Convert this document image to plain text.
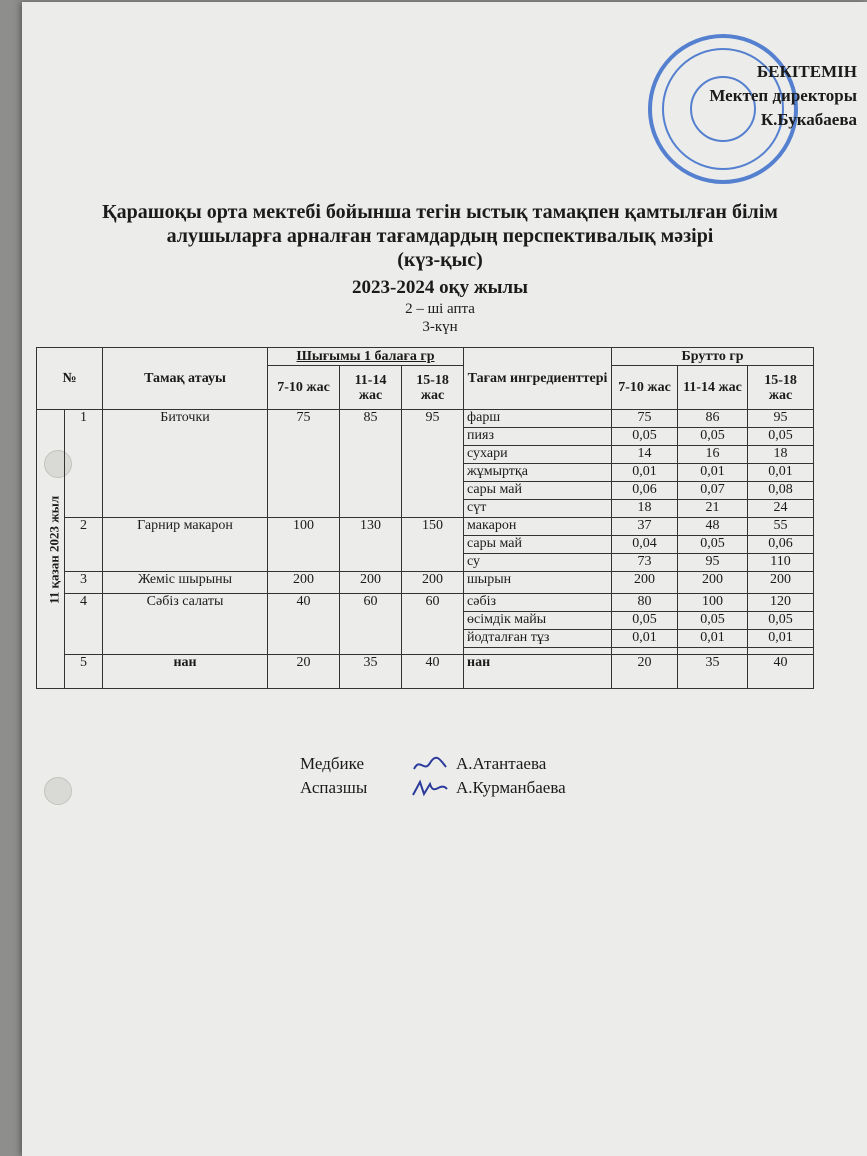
БЕКІТЕМІН
Мектеп директоры
К.Букабаева
Қарашоқы орта мектебі бойынша тегін ыстық тамақпен қамтылған білім
алушыларға арналған тағамдардың перспективалық мәзірі
(күз-қыс)
2023-2024 оқу жылы
2 – ші апта
3-күн
№		Тамақ атауы	Шығымы 1 балаға гр			Тағам ингредиенттері	Брутто гр		
			7-10 жас	11-14 жас	15-18 жас		7-10 жас	11-14 жас	15-18 жас
11 қазан 2023 жыл	1	Биточки	75	85	95	фарш	75	86	95
						пияз	0,05	0,05	0,05
						сухари	14	16	18
						жұмыртқа	0,01	0,01	0,01
						сары май	0,06	0,07	0,08
						сүт	18	21	24
	2	Гарнир макарон	100	130	150	макарон	37	48	55
						сары май	0,04	0,05	0,06
						су	73	95	110
	3	Жеміс шырыны	200	200	200	шырын	200	200	200
	4	Сәбіз салаты	40	60	60	сәбіз	80	100	120
						өсімдік майы	0,05	0,05	0,05
						йодталған тұз	0,01	0,01	0,01

	5	нан	20	35	40	нан	20	35	40
Медбике	А.Атантаева
Аспазшы	А.Курманбаева
